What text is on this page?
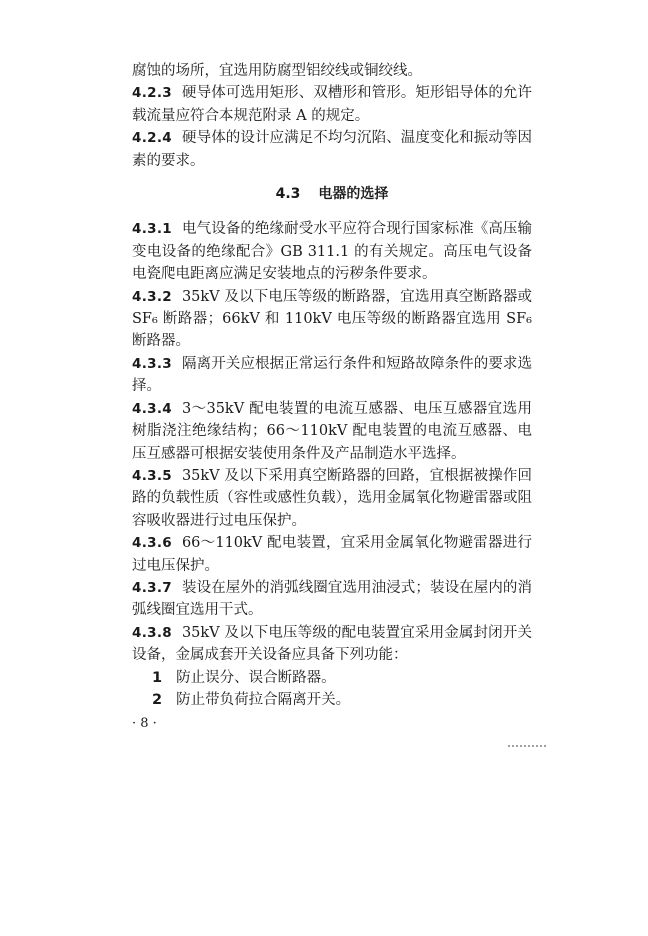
腐蚀的场所，宜选用防腐型铝绞线或铜绞线。

4.2.3 硬导体可选用矩形、双槽形和管形。矩形铝导体的允许载流量应符合本规范附录 A 的规定。

4.2.4 硬导体的设计应满足不均匀沉陷、温度变化和振动等因素的要求。

4.3 电器的选择

4.3.1 电气设备的绝缘耐受水平应符合现行国家标准《高压输变电设备的绝缘配合》GB 311.1 的有关规定。高压电气设备电瓷爬电距离应满足安装地点的污秽条件要求。

4.3.2 35kV 及以下电压等级的断路器，宜选用真空断路器或 SF₆ 断路器；66kV 和 110kV 电压等级的断路器宜选用 SF₆ 断路器。

4.3.3 隔离开关应根据正常运行条件和短路故障条件的要求选择。

4.3.4 3～35kV 配电装置的电流互感器、电压互感器宜选用树脂浇注绝缘结构；66～110kV 配电装置的电流互感器、电压互感器可根据安装使用条件及产品制造水平选择。

4.3.5 35kV 及以下采用真空断路器的回路，宜根据被操作回路的负载性质（容性或感性负载），选用金属氧化物避雷器或阻容吸收器进行过电压保护。

4.3.6 66～110kV 配电装置，宜采用金属氧化物避雷器进行过电压保护。

4.3.7 装设在屋外的消弧线圈宜选用油浸式；装设在屋内的消弧线圈宜选用干式。

4.3.8 35kV 及以下电压等级的配电装置宜采用金属封闭开关设备，金属成套开关设备应具备下列功能：

1 防止误分、误合断路器。

2 防止带负荷拉合隔离开关。

· 8 ·
